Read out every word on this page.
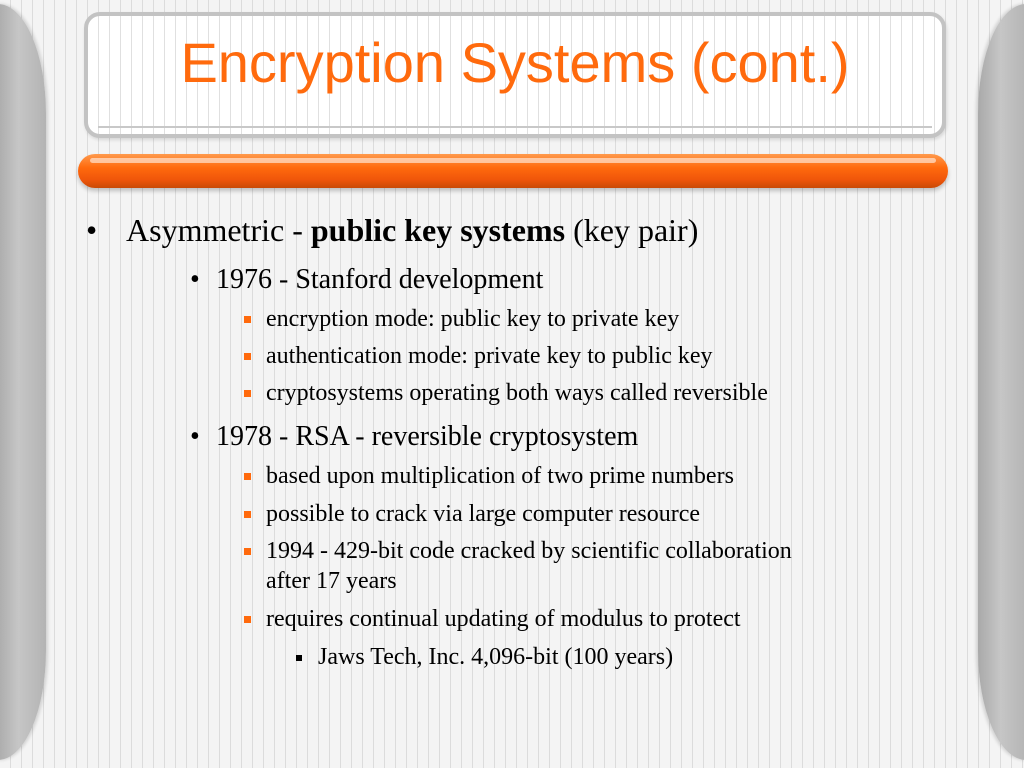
Encryption Systems (cont.)
• Asymmetric - public key systems (key pair)
• 1976 - Stanford development
encryption mode: public key to private key
authentication mode: private key to public key
cryptosystems operating both ways called reversible
• 1978 - RSA - reversible cryptosystem
based upon multiplication of two prime numbers
possible to crack via large computer resource
1994 - 429-bit code cracked by scientific collaboration
after 17 years
requires continual updating of modulus to protect
Jaws Tech, Inc. 4,096-bit (100 years)
